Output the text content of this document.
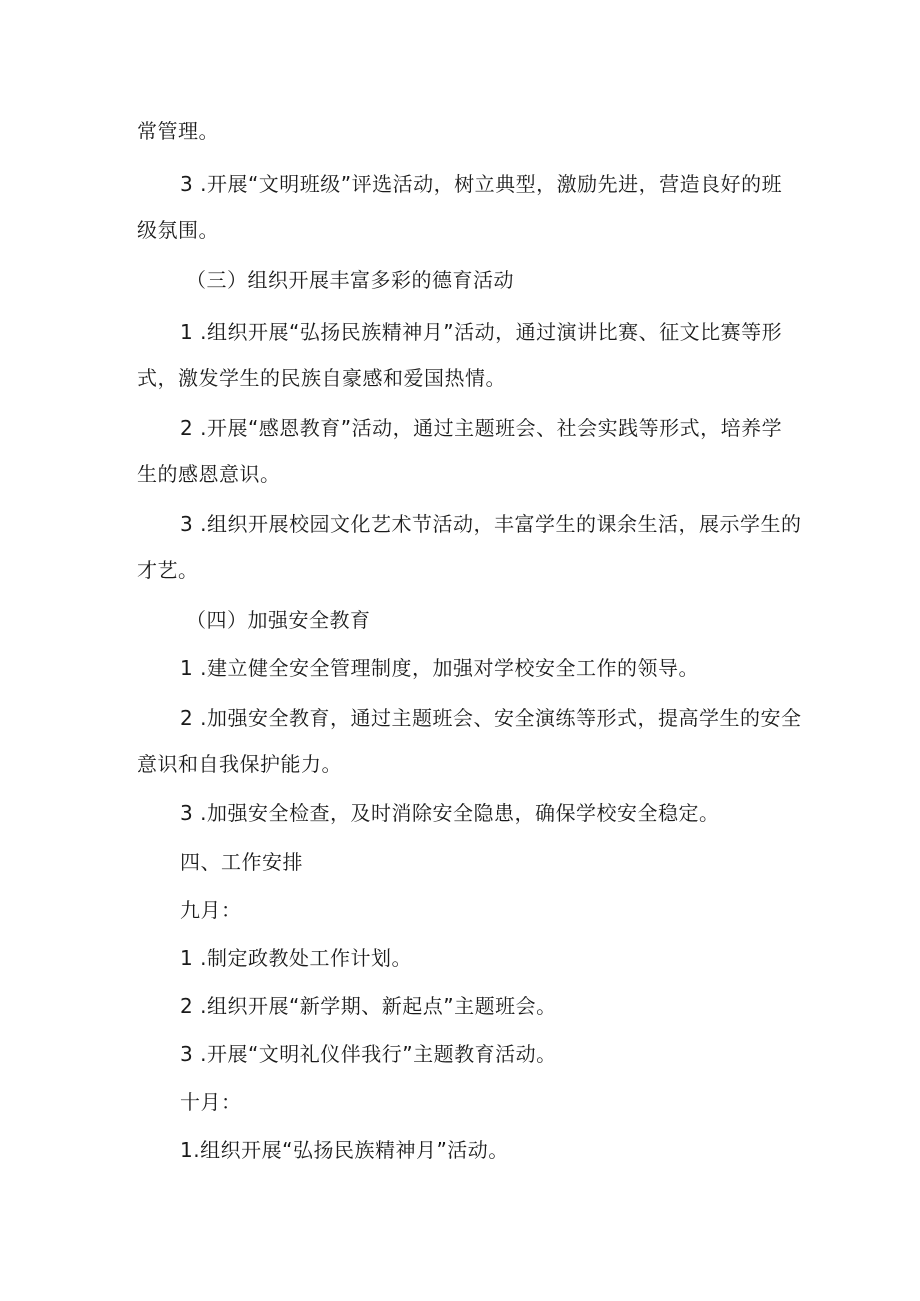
常管理。
3 .开展“文明班级”评选活动，树立典型，激励先进，营造良好的班
级氛围。
（三）组织开展丰富多彩的德育活动
1 .组织开展“弘扬民族精神月”活动，通过演讲比赛、征文比赛等形
式，激发学生的民族自豪感和爱国热情。
2 .开展“感恩教育”活动，通过主题班会、社会实践等形式，培养学
生的感恩意识。
3 .组织开展校园文化艺术节活动，丰富学生的课余生活，展示学生的
才艺。
（四）加强安全教育
1 .建立健全安全管理制度，加强对学校安全工作的领导。
2 .加强安全教育，通过主题班会、安全演练等形式，提高学生的安全
意识和自我保护能力。
3 .加强安全检查，及时消除安全隐患，确保学校安全稳定。
四、工作安排
九月：
1 .制定政教处工作计划。
2 .组织开展“新学期、新起点”主题班会。
3 .开展“文明礼仪伴我行”主题教育活动。
十月：
1.组织开展“弘扬民族精神月”活动。
